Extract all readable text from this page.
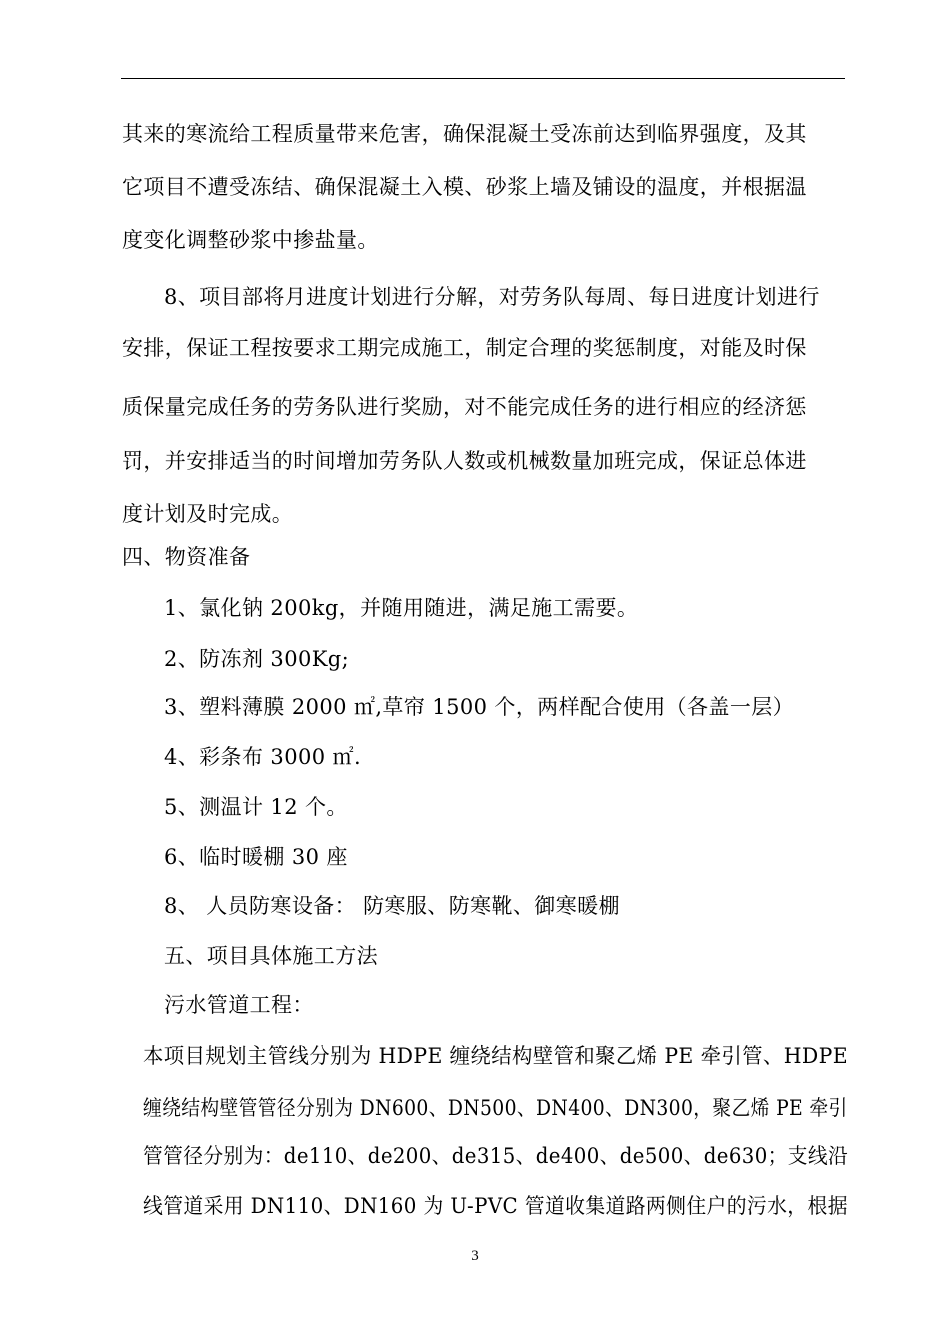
其来的寒流给工程质量带来危害，确保混凝土受冻前达到临界强度，及其
它项目不遭受冻结、确保混凝土入模、砂浆上墙及铺设的温度，并根据温
度变化调整砂浆中掺盐量。
8、项目部将月进度计划进行分解，对劳务队每周、每日进度计划进行
安排，保证工程按要求工期完成施工，制定合理的奖惩制度，对能及时保
质保量完成任务的劳务队进行奖励，对不能完成任务的进行相应的经济惩
罚，并安排适当的时间增加劳务队人数或机械数量加班完成，保证总体进
度计划及时完成。
四、物资准备
1、氯化钠 200kg，并随用随进，满足施工需要。
2、防冻剂 300Kg;
3、塑料薄膜 2000 ㎡,草帘 1500 个，两样配合使用（各盖一层）
4、彩条布 3000 ㎡.
5、测温计 12 个。
6、临时暖棚 30 座
8、 人员防寒设备： 防寒服、防寒靴、御寒暖棚
五、项目具体施工方法
污水管道工程：
本项目规划主管线分别为 HDPE 缠绕结构壁管和聚乙烯 PE 牵引管、HDPE
缠绕结构壁管管径分别为 DN600、DN500、DN400、DN300，聚乙烯 PE 牵引
管管径分别为：de110、de200、de315、de400、de500、de630；支线沿
线管道采用 DN110、DN160 为 U-PVC 管道收集道路两侧住户的污水，根据
3
